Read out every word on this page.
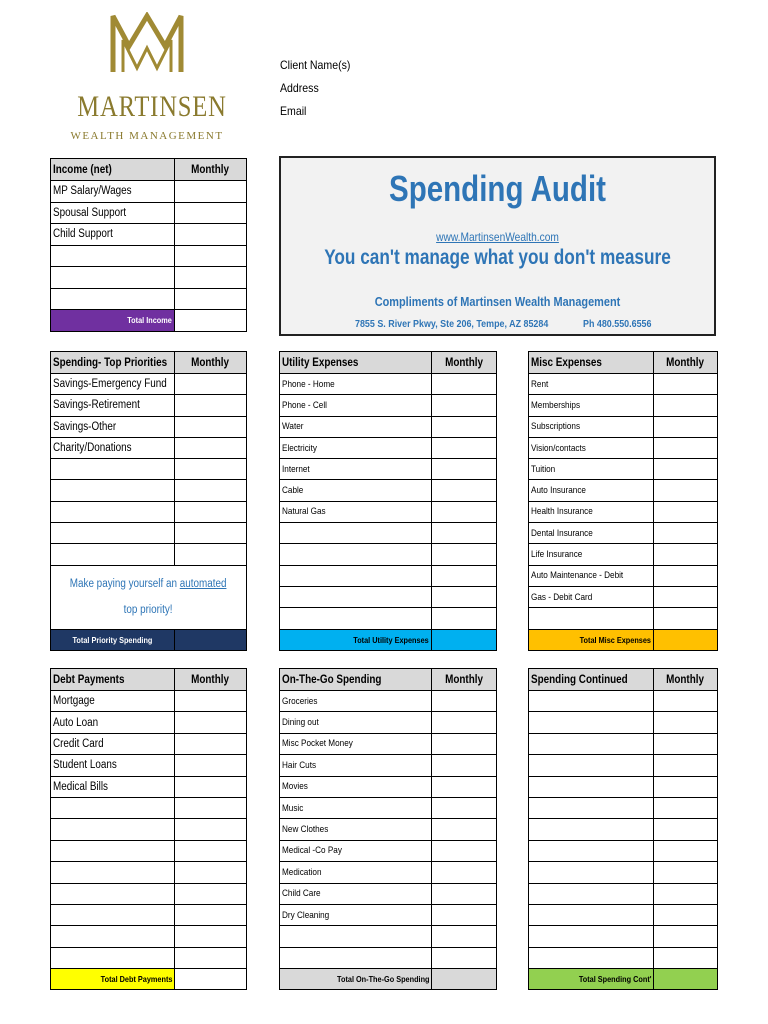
MARTINSEN
WEALTH MANAGEMENT
Client Name(s)
Address
Email
Spending Audit
www.MartinsenWealth.com
You can't manage what you don't measure
Compliments of Martinsen Wealth Management
7855 S. River Pkwy, Ste 206, Tempe, AZ 85284	Ph 480.550.6556
Income (net)	Monthly
MP Salary/Wages	
Spousal Support	
Child Support	

Total Income	
Spending- Top Priorities	Monthly
Savings-Emergency Fund	
Savings-Retirement	
Savings-Other	
Charity/Donations	

Make paying yourself an automated
top priority!	
Total Priority Spending	
Utility Expenses	Monthly
Phone - Home	
Phone - Cell	
Water	
Electricity	
Internet	
Cable	
Natural Gas	

Total Utility Expenses	
Misc Expenses	Monthly
Rent	
Memberships	
Subscriptions	
Vision/contacts	
Tuition	
Auto Insurance	
Health Insurance	
Dental Insurance	
Life Insurance	
Auto Maintenance - Debit	
Gas - Debit Card	

Total Misc Expenses	
Debt Payments	Monthly
Mortgage	
Auto Loan	
Credit Card	
Student Loans	
Medical Bills	

Total Debt Payments	
On-The-Go Spending	Monthly
Groceries	
Dining out	
Misc Pocket Money	
Hair Cuts	
Movies	
Music	
New Clothes	
Medical -Co Pay	
Medication	
Child Care	
Dry Cleaning	

Total On-The-Go Spending	
Spending Continued	Monthly

Total Spending Cont'	
